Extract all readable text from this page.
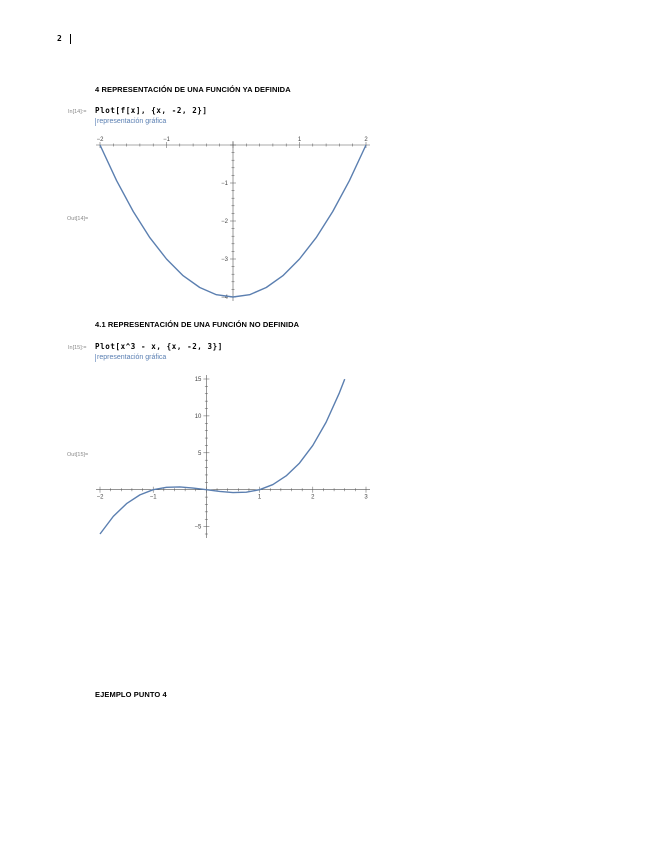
2
4 REPRESENTACIÓN DE UNA FUNCIÓN YA DEFINIDA
In[14]:= Plot[f[x], {x, -2, 2}]
representación gráfica
Out[14]=
−2	−1	1	2
−1
−2
−3
−4
4.1 REPRESENTACIÓN DE UNA FUNCIÓN NO DEFINIDA
In[15]:= Plot[x^3 - x, {x, -2, 3}]
representación gráfica
Out[15]=
−2	−1	1	2	3
15
10
5
−5
EJEMPLO PUNTO 4
